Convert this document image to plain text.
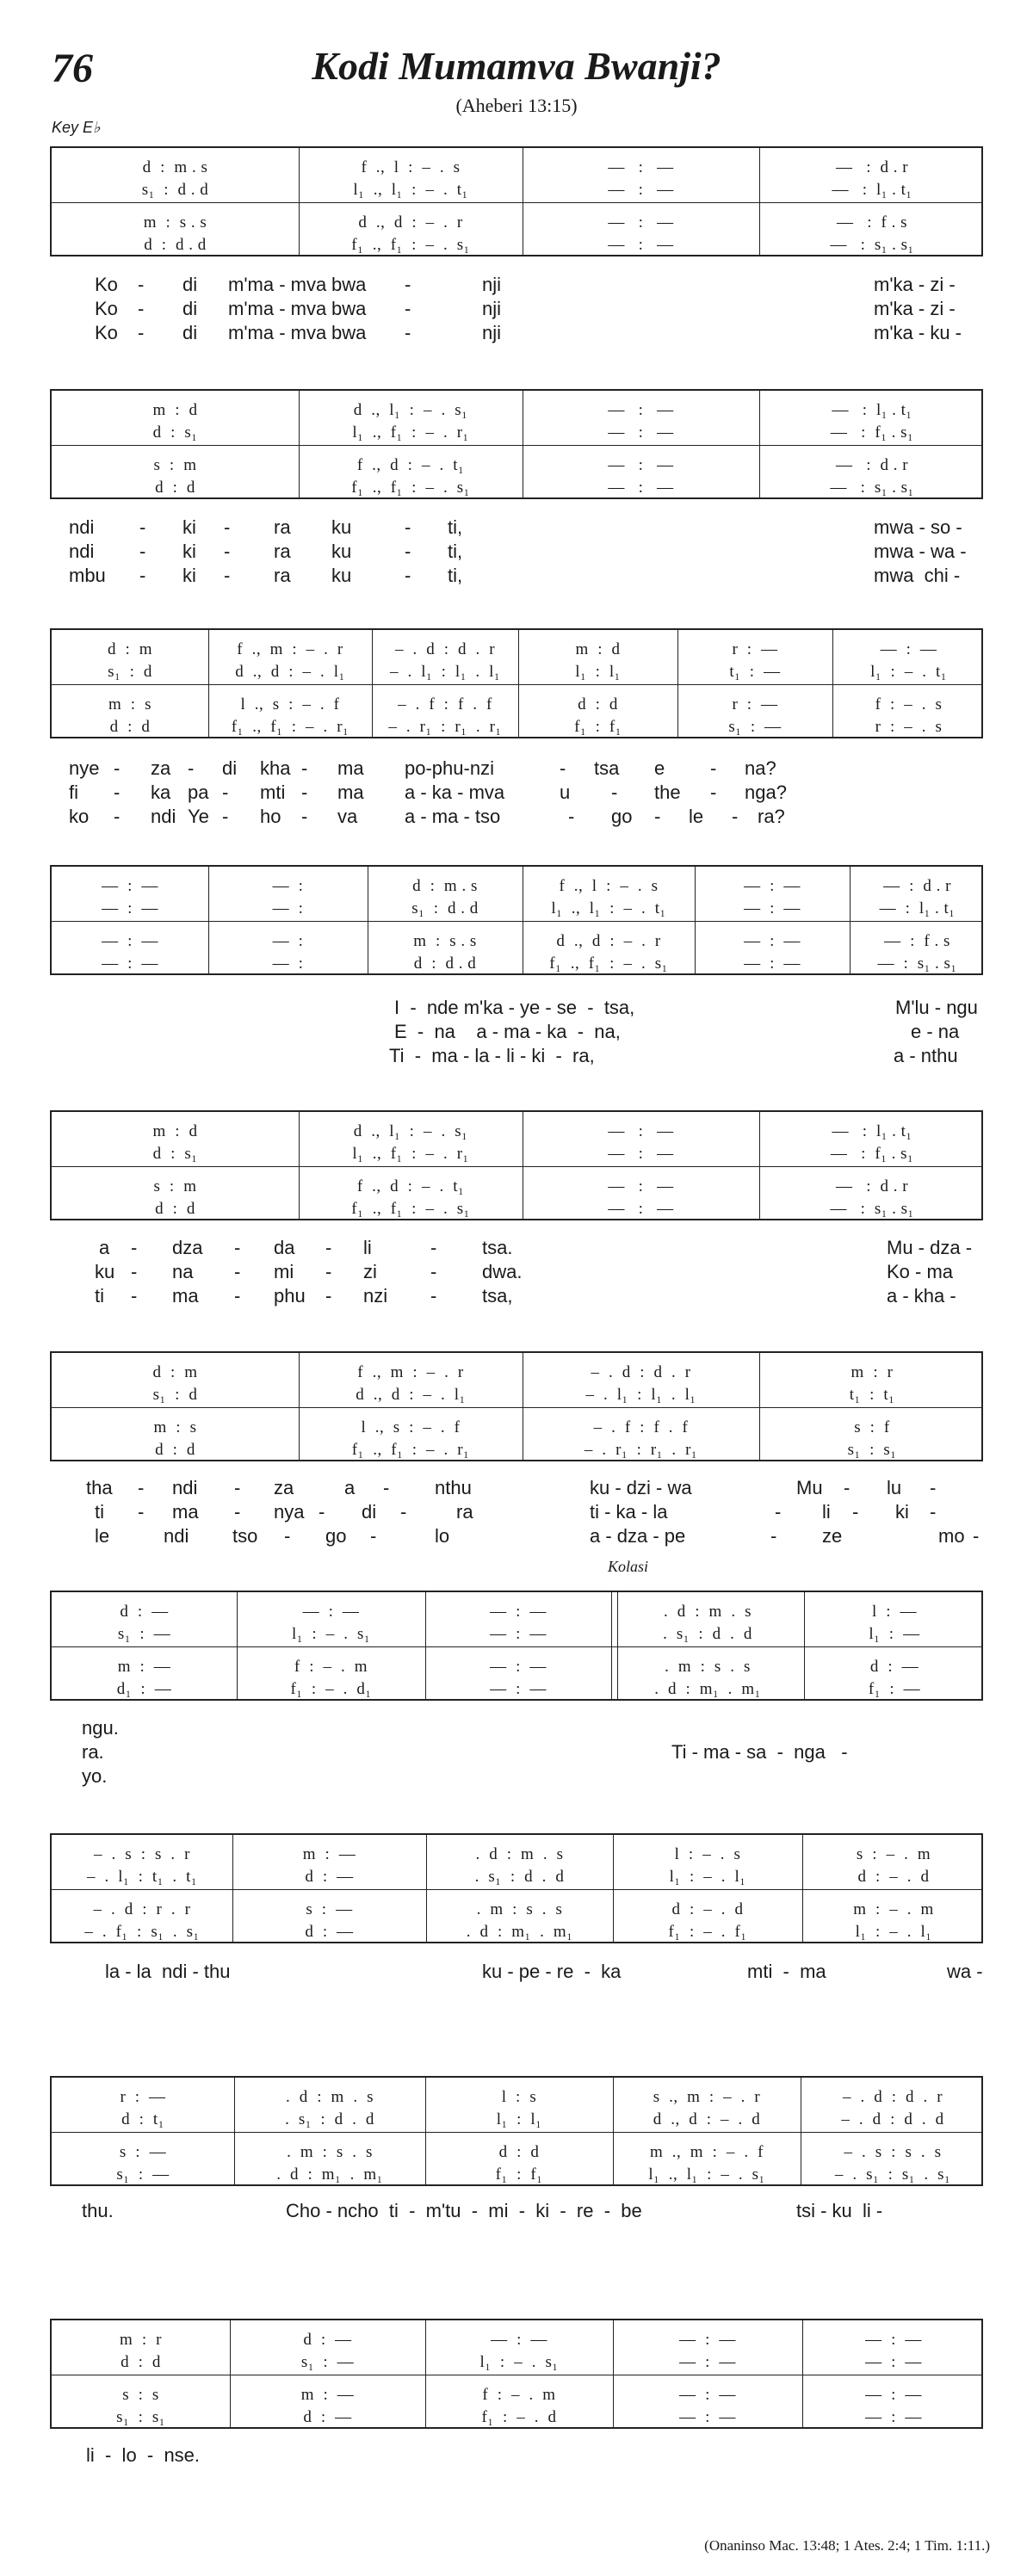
76	Kodi Mumamva Bwanji?
(Aheberi 13:15)
Key E♭
Kolasi
(Onaninso Mac. 13:48; 1 Ates. 2:4; 1 Tim. 1:11.)
d  :  m . s	f  .,  l  :  –  .  s	—   :   —	—   :  d . r
s₁  :  d . d	l₁  .,  l₁  :  –  .  t₁	—   :   —	—   :  l₁ . t₁
m  :  s . s	d  .,  d  :  –  .  r	—   :   —	—   :  f . s
d  :  d . d	f₁  .,  f₁  :  –  .  s₁	—   :   —	—   :  s₁ . s₁
Ko - di m'ma - mva bwa -	nji	m'ka - zi -
Ko - di m'ma - mva bwa -	nji	m'ka - zi -
Ko - di m'ma - mva bwa -	nji	m'ka - ku -
m  :  d	d  .,  l₁  :  –  .  s₁	—   :   —	—   :  l₁ . t₁
d  :  s₁	l₁  .,  f₁  :  –  .  r₁	—   :   —	—   :  f₁ . s₁
s  :  m	f  .,  d  :  –  .  t₁	—   :   —	—   :  d . r
d  :  d	f₁  .,  f₁  :  –  .  s₁	—   :   —	—   :  s₁ . s₁
ndi - ki - ra ku	- ti,	mwa - so -
ndi - ki - ra ku	- ti,	mwa - wa -
mbu - ki - ra ku	- ti,	mwa  chi -
d  :  m	f  .,  m  :  –  .  r	–  .  d  :  d  .  r	m  :  d	r  :  —	—  :  —
s₁  :  d	d  .,  d  :  –  .  l₁	–  .  l₁  :  l₁  .  l₁	l₁  :  l₁	t₁  :  —	l₁  :  –  .  t₁
m  :  s	l  .,  s  :  –  .  f	–  .  f  :  f  .  f	d  :  d	r  :  —	f  :  –  .  s
d  :  d	f₁  .,  f₁  :  –  .  r₁	–  .  r₁  :  r₁  .  r₁	f₁  :  f₁	s₁  :  —	r  :  –  .  s
nye - za - di kha - ma po-phu-nzi	- tsa e - na?
fi - ka pa - mti - ma a - ka - mva	u - the - nga?
ko - ndi Ye - ho - va a - ma - tso	- go - le - ra?
—  :  —	—  :	d  :  m . s	f  .,  l  :  –  .  s	—  :  —	—  :  d . r
—  :  —	—  :	s₁  :  d . d	l₁  .,  l₁  :  –  .  t₁	—  :  —	—  :  l₁ . t₁
—  :  —	—  :	m  :  s . s	d  .,  d  :  –  .  r	—  :  —	—  :  f . s
—  :  —	—  :	d  :  d . d	f₁  .,  f₁  :  –  .  s₁	—  :  —	—  :  s₁ . s₁
I  -  nde m'ka - ye - se  -  tsa,	M'lu - ngu
E  -  na    a - ma - ka  -  na,	e - na
Ti  -  ma - la - li - ki  -  ra,	a - nthu
m  :  d	d  .,  l₁  :  –  .  s₁	—   :   —	—   :  l₁ . t₁
d  :  s₁	l₁  .,  f₁  :  –  .  r₁	—   :   —	—   :  f₁ . s₁
s  :  m	f  .,  d  :  –  .  t₁	—   :   —	—   :  d . r
d  :  d	f₁  .,  f₁  :  –  .  s₁	—   :   —	—   :  s₁ . s₁
a - dza - da - li	- tsa.	Mu - dza -
ku - na - mi - zi	- dwa.	Ko - ma
ti - ma - phu - nzi - tsa,	a - kha -
d  :  m	f  .,  m  :  –  .  r	–  .  d  :  d  .  r	m  :  r
s₁  :  d	d  .,  d  :  –  .  l₁	–  .  l₁  :  l₁  .  l₁	t₁  :  t₁
m  :  s	l  .,  s  :  –  .  f	–  .  f  :  f  .  f	s  :  f
d  :  d	f₁  .,  f₁  :  –  .  r₁	–  .  r₁  :  r₁  .  r₁	s₁  :  s₁
tha - ndi - za	a - nthu	ku - dzi - wa	Mu - lu -
ti - ma - nya - di -	ra	ti - ka - la	- li - ki -
le	ndi tso - go -	lo	a - dza - pe	- ze	mo -
d  :  —	—  :  —	—  :  —	.  d  :  m  .  s	l  :  —
s₁  :  —	l₁  :  –  .  s₁	—  :  —	.  s₁  :  d  .  d	l₁  :  —
m  :  —	f  :  –  .  m	—  :  —	.  m  :  s  .  s	d  :  —
d₁  :  —	f₁  :  –  .  d₁	—  :  —	.  d  :  m₁  .  m₁	f₁  :  —
ngu.
ra.	Ti - ma - sa  -  nga   -
yo.
–  .  s  :  s  .  r	m  :  —	.  d  :  m  .  s	l  :  –  .  s	s  :  –  .  m
–  .  l₁  :  t₁  .  t₁	d  :  —	.  s₁  :  d  .  d	l₁  :  –  .  l₁	d  :  –  .  d
–  .  d  :  r  .  r	s  :  —	.  m  :  s  .  s	d  :  –  .  d	m  :  –  .  m
–  .  f₁  :  s₁  .  s₁	d  :  —	.  d  :  m₁  .  m₁	f₁  :  –  .  f₁	l₁  :  –  .  l₁
la - la  ndi - thu	ku - pe - re  -  ka	mti  -  ma	wa -
r  :  —	.  d  :  m  .  s	l  :  s	s  .,  m  :  –  .  r	–  .  d  :  d  .  r
d  :  t₁	.  s₁  :  d  .  d	l₁  :  l₁	d  .,  d  :  –  .  d	–  .  d  :  d  .  d
s  :  —	.  m  :  s  .  s	d  :  d	m  .,  m  :  –  .  f	–  .  s  :  s  .  s
s₁  :  —	.  d  :  m₁  .  m₁	f₁  :  f₁	l₁  .,  l₁  :  –  .  s₁	–  .  s₁  :  s₁  .  s₁
thu.	Cho - ncho  ti  -  m'tu  -  mi  -  ki  -  re  -  be	tsi - ku  li -
m  :  r	d  :  —	—  :  —	—  :  —	—  :  —
d  :  d	s₁  :  —	l₁  :  –  .  s₁	—  :  —	—  :  —
s  :  s	m  :  —	f  :  –  .  m	—  :  —	—  :  —
s₁  :  s₁	d  :  —	f₁  :  –  .  d	—  :  —	—  :  —
li  -  lo  -  nse.
